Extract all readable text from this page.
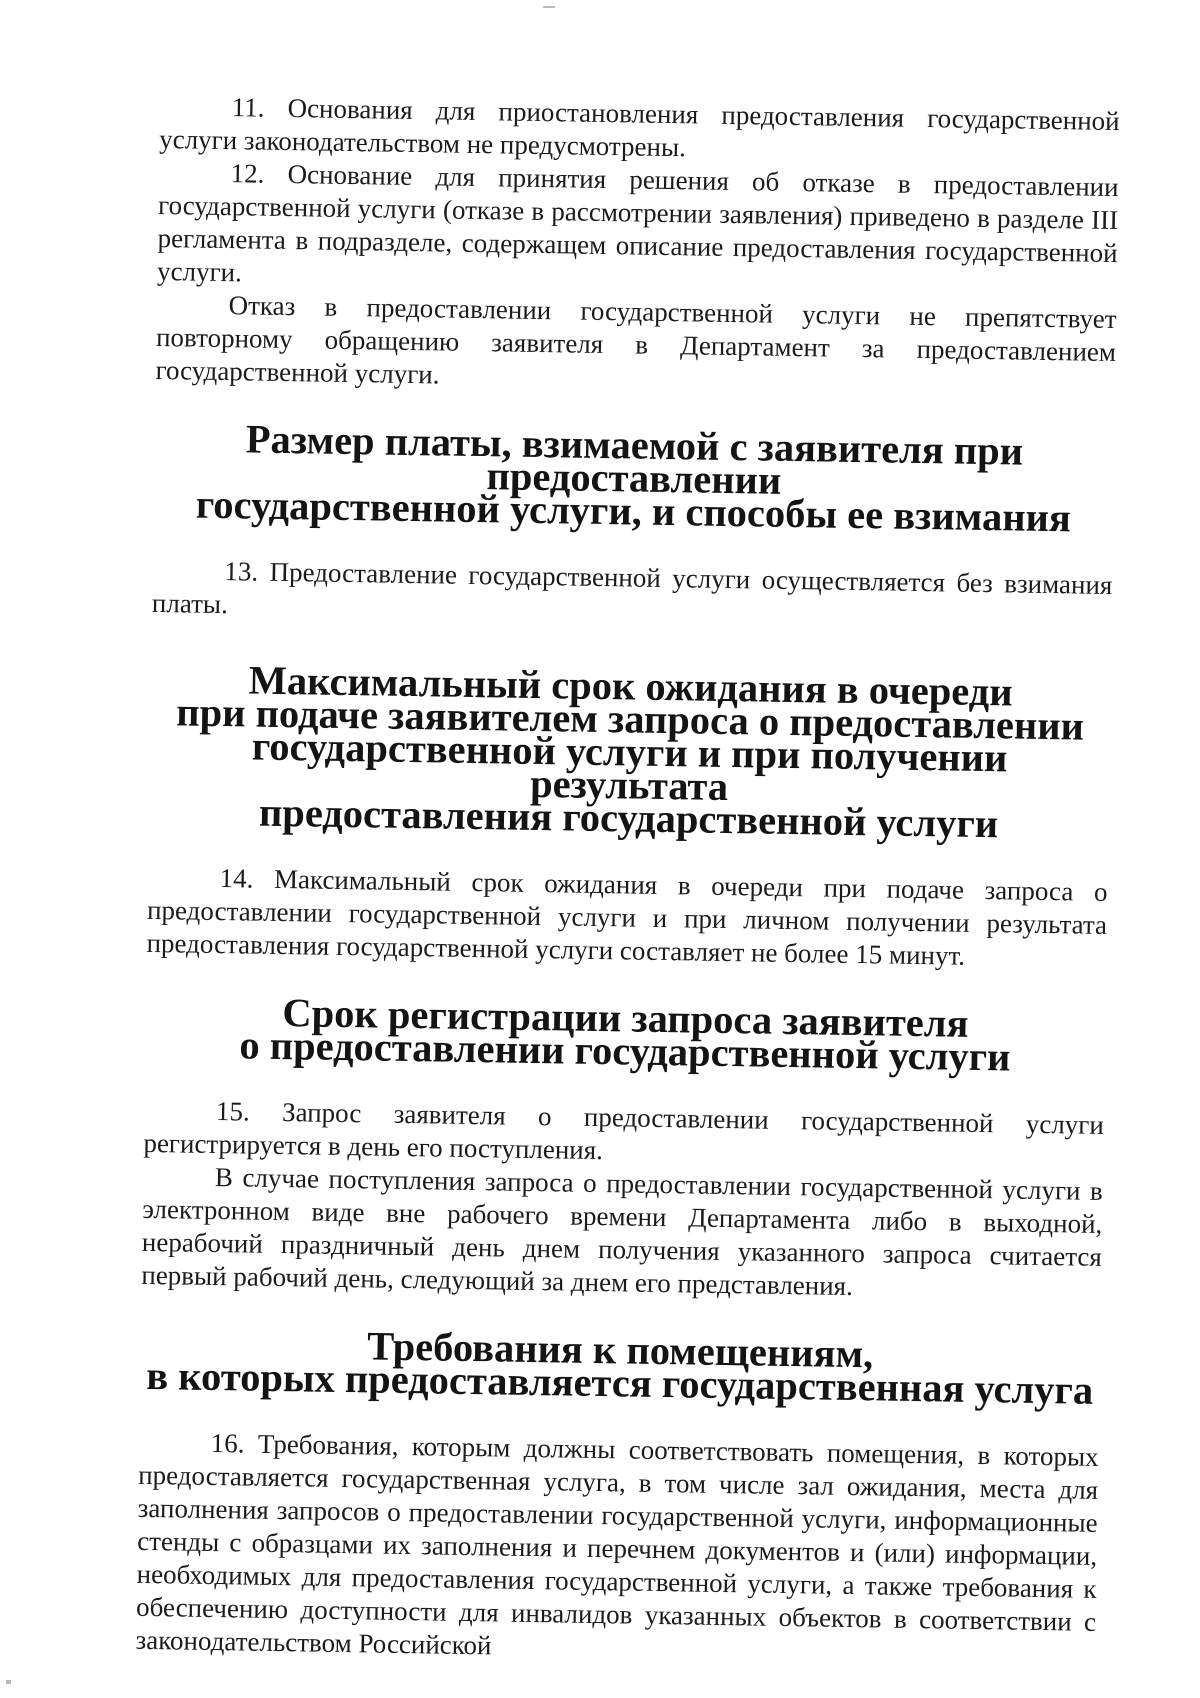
11. Основания для приостановления предоставления государственной услуги законодательством не предусмотрены.

12. Основание для принятия решения об отказе в предоставлении государственной услуги (отказе в рассмотрении заявления) приведено в разделе III регламента в подразделе, содержащем описание предоставления государственной услуги.

Отказ в предоставлении государственной услуги не препятствует повторному обращению заявителя в Департамент за предоставлением государственной услуги.

Размер платы, взимаемой с заявителя при предоставлении
государственной услуги, и способы ее взимания

13. Предоставление государственной услуги осуществляется без взимания платы.

Максимальный срок ожидания в очереди
при подаче заявителем запроса о предоставлении
государственной услуги и при получении результата
предоставления государственной услуги

14. Максимальный срок ожидания в очереди при подаче запроса о предоставлении государственной услуги и при личном получении результата предоставления государственной услуги составляет не более 15 минут.

Срок регистрации запроса заявителя
о предоставлении государственной услуги

15. Запрос заявителя о предоставлении государственной услуги регистрируется в день его поступления.

В случае поступления запроса о предоставлении государственной услуги в электронном виде вне рабочего времени Департамента либо в выходной, нерабочий праздничный день днем получения указанного запроса считается первый рабочий день, следующий за днем его представления.

Требования к помещениям,
в которых предоставляется государственная услуга

16. Требования, которым должны соответствовать помещения, в которых предоставляется государственная услуга, в том числе зал ожидания, места для заполнения запросов о предоставлении государственной услуги, информационные стенды с образцами их заполнения и перечнем документов и (или) информации, необходимых для предоставления государственной услуги, а также требования к обеспечению доступности для инвалидов указанных объектов в соответствии с законодательством Российской
